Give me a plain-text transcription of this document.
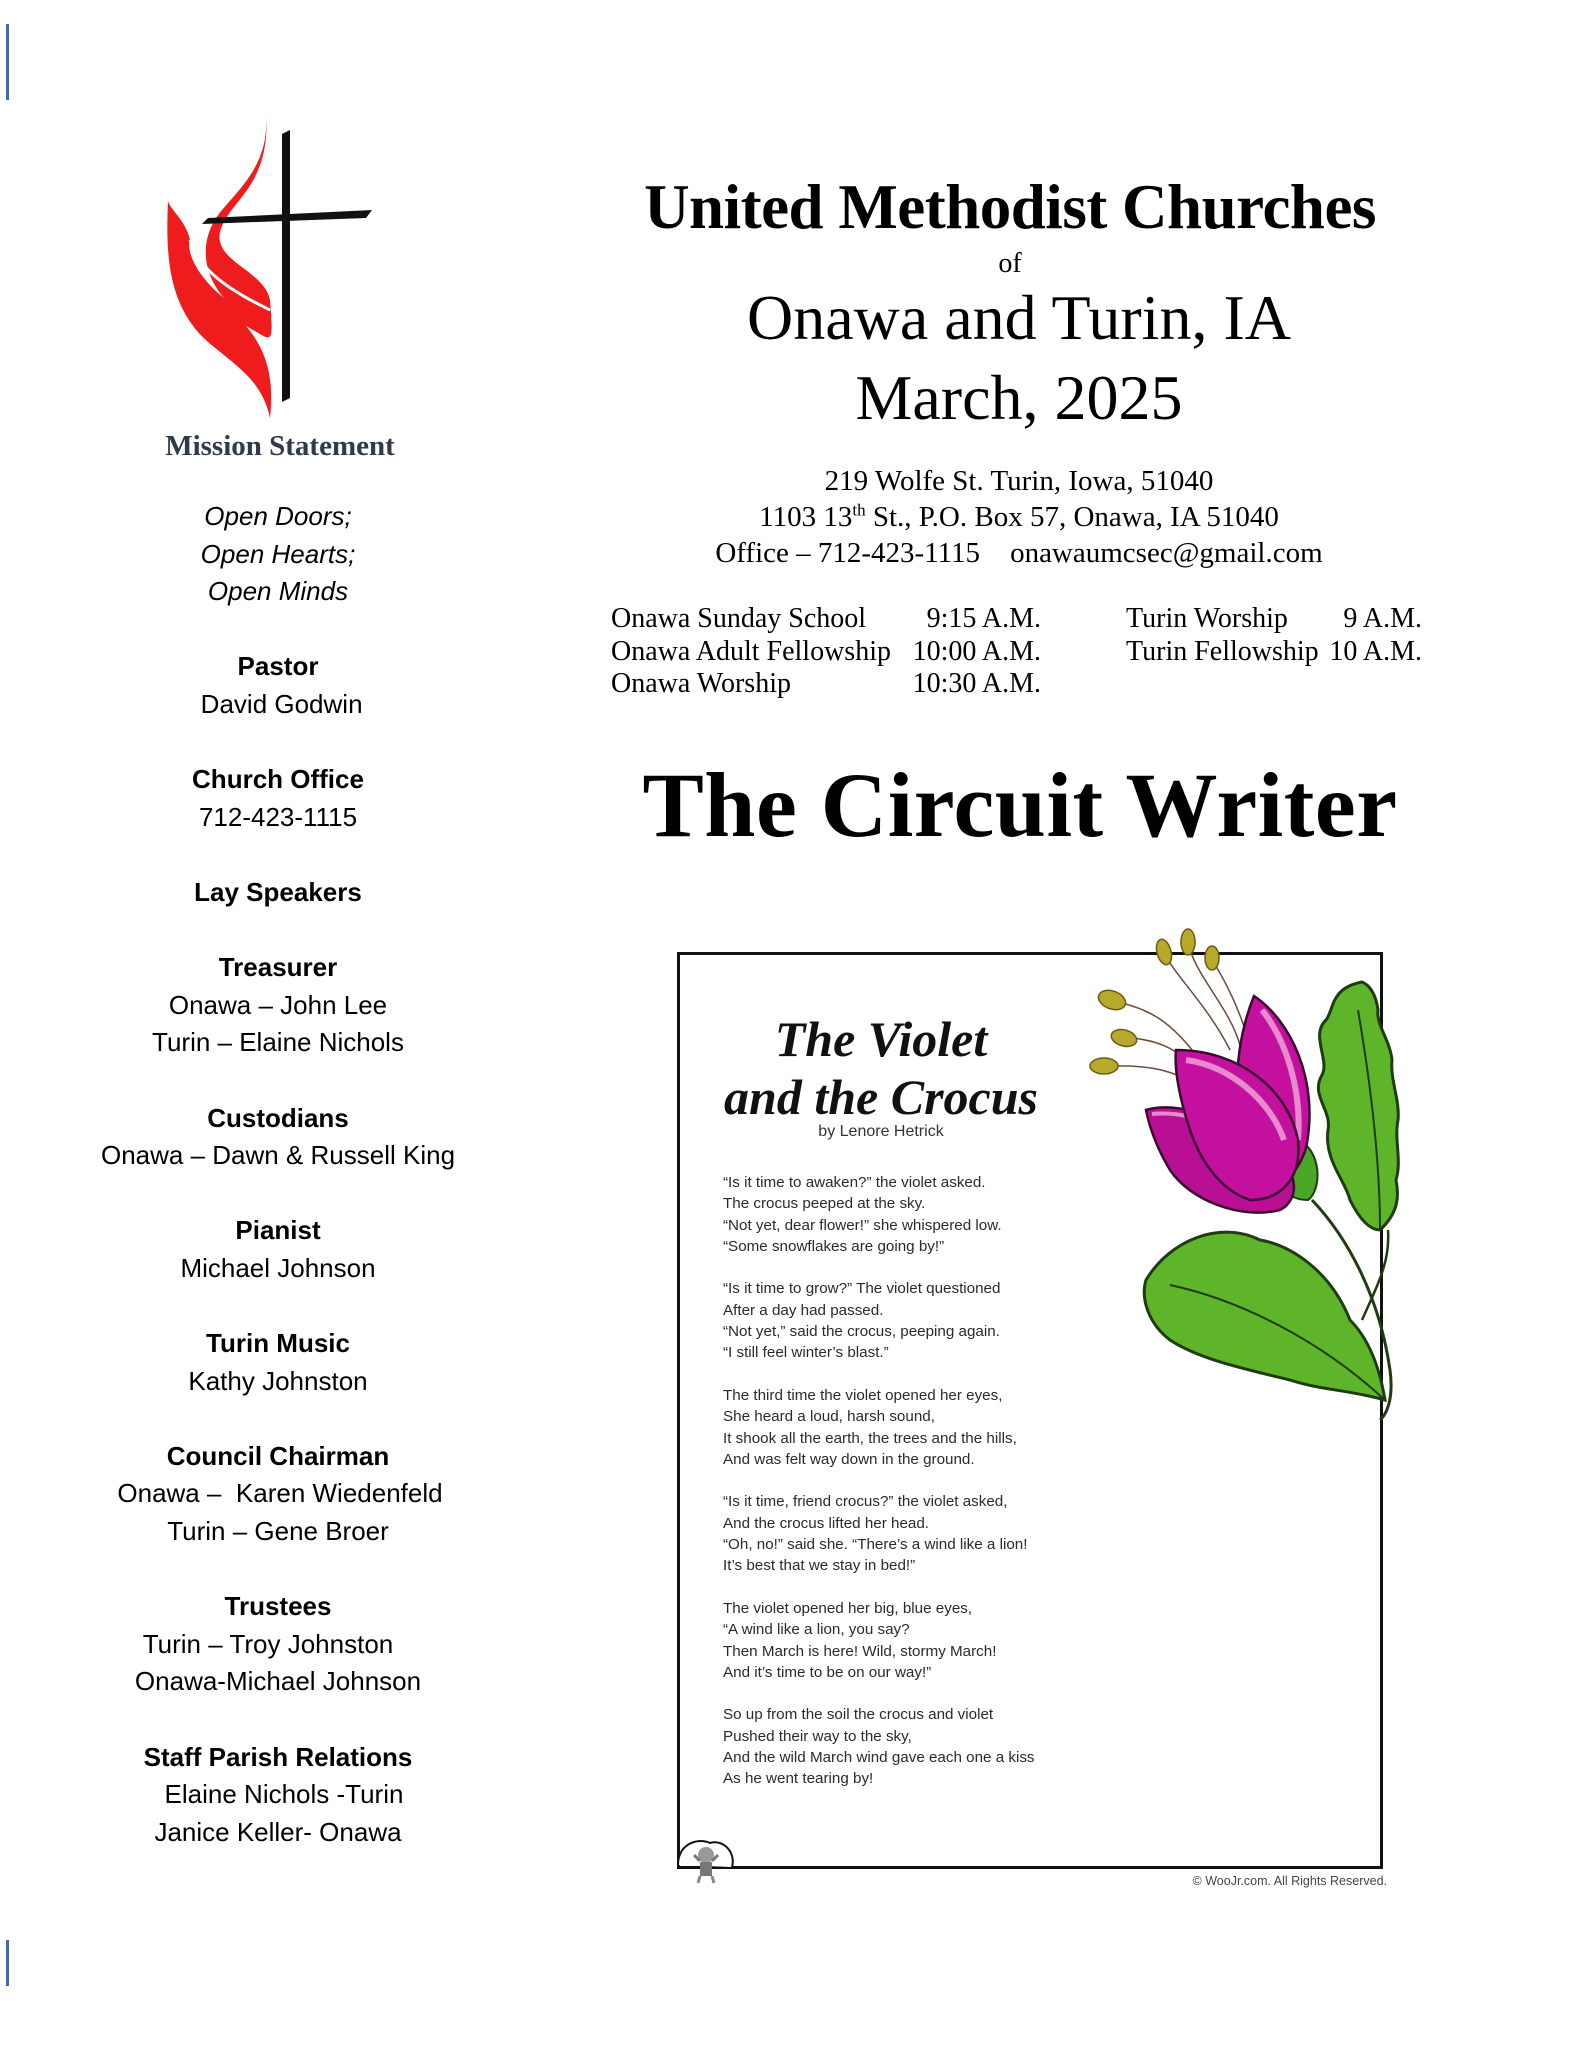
Mission Statement
Open Doors;
Open Hearts;
Open Minds
Pastor
David Godwin
Church Office
712-423-1115
Lay Speakers
Treasurer
Onawa – John Lee
Turin – Elaine Nichols
Custodians
Onawa – Dawn & Russell King
Pianist
Michael Johnson
Turin Music
Kathy Johnston
Council Chairman
Onawa –  Karen Wiedenfeld
Turin – Gene Broer
Trustees
Turin – Troy Johnston
Onawa-Michael Johnson
Staff Parish Relations
Elaine Nichols -Turin
Janice Keller- Onawa
United Methodist Churches
of
Onawa and Turin, IA
March, 2025
219 Wolfe St. Turin, Iowa, 51040
1103 13th St., P.O. Box 57, Onawa, IA 51040
Office – 712-423-1115 onawaumcsec@gmail.com
Onawa Sunday School	9:15 A.M.
Onawa Adult Fellowship 10:00 A.M.
Onawa Worship	10:30 A.M.
Turin Worship	9 A.M.
Turin Fellowship 10 A.M.
The Circuit Writer
The Violet
and the Crocus
by Lenore Hetrick
“Is it time to awaken?” the violet asked.
The crocus peeped at the sky.
“Not yet, dear flower!” she whispered low.
“Some snowflakes are going by!”
“Is it time to grow?” The violet questioned
After a day had passed.
“Not yet,” said the crocus, peeping again.
“I still feel winter’s blast.”
The third time the violet opened her eyes,
She heard a loud, harsh sound,
It shook all the earth, the trees and the hills,
And was felt way down in the ground.
“Is it time, friend crocus?” the violet asked,
And the crocus lifted her head.
“Oh, no!” said she. “There’s a wind like a lion!
It’s best that we stay in bed!”
The violet opened her big, blue eyes,
“A wind like a lion, you say?
Then March is here! Wild, stormy March!
And it’s time to be on our way!”
So up from the soil the crocus and violet
Pushed their way to the sky,
And the wild March wind gave each one a kiss
As he went tearing by!
© WooJr.com. All Rights Reserved.
